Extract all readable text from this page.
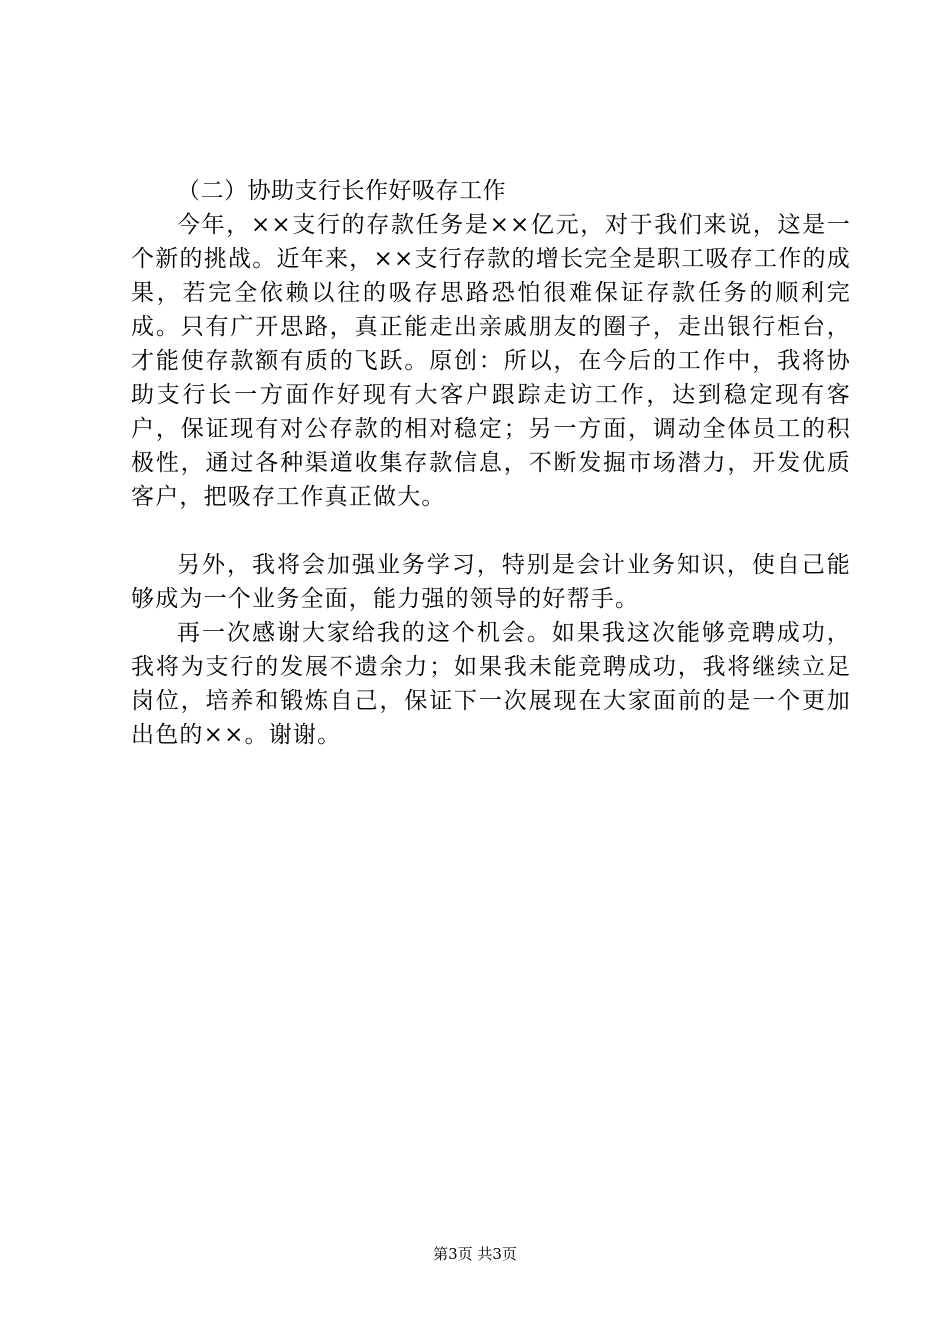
（二）协助支行长作好吸存工作

今年，××支行的存款任务是××亿元，对于我们来说，这是一个新的挑战。近年来，××支行存款的增长完全是职工吸存工作的成果，若完全依赖以往的吸存思路恐怕很难保证存款任务的顺利完成。只有广开思路，真正能走出亲戚朋友的圈子，走出银行柜台，才能使存款额有质的飞跃。原创：所以，在今后的工作中，我将协助支行长一方面作好现有大客户跟踪走访工作，达到稳定现有客户，保证现有对公存款的相对稳定；另一方面，调动全体员工的积极性，通过各种渠道收集存款信息，不断发掘市场潜力，开发优质客户，把吸存工作真正做大。

另外，我将会加强业务学习，特别是会计业务知识，使自己能够成为一个业务全面，能力强的领导的好帮手。

再一次感谢大家给我的这个机会。如果我这次能够竞聘成功，我将为支行的发展不遗余力；如果我未能竞聘成功，我将继续立足岗位，培养和锻炼自己，保证下一次展现在大家面前的是一个更加出色的××。谢谢。

第3页 共3页
